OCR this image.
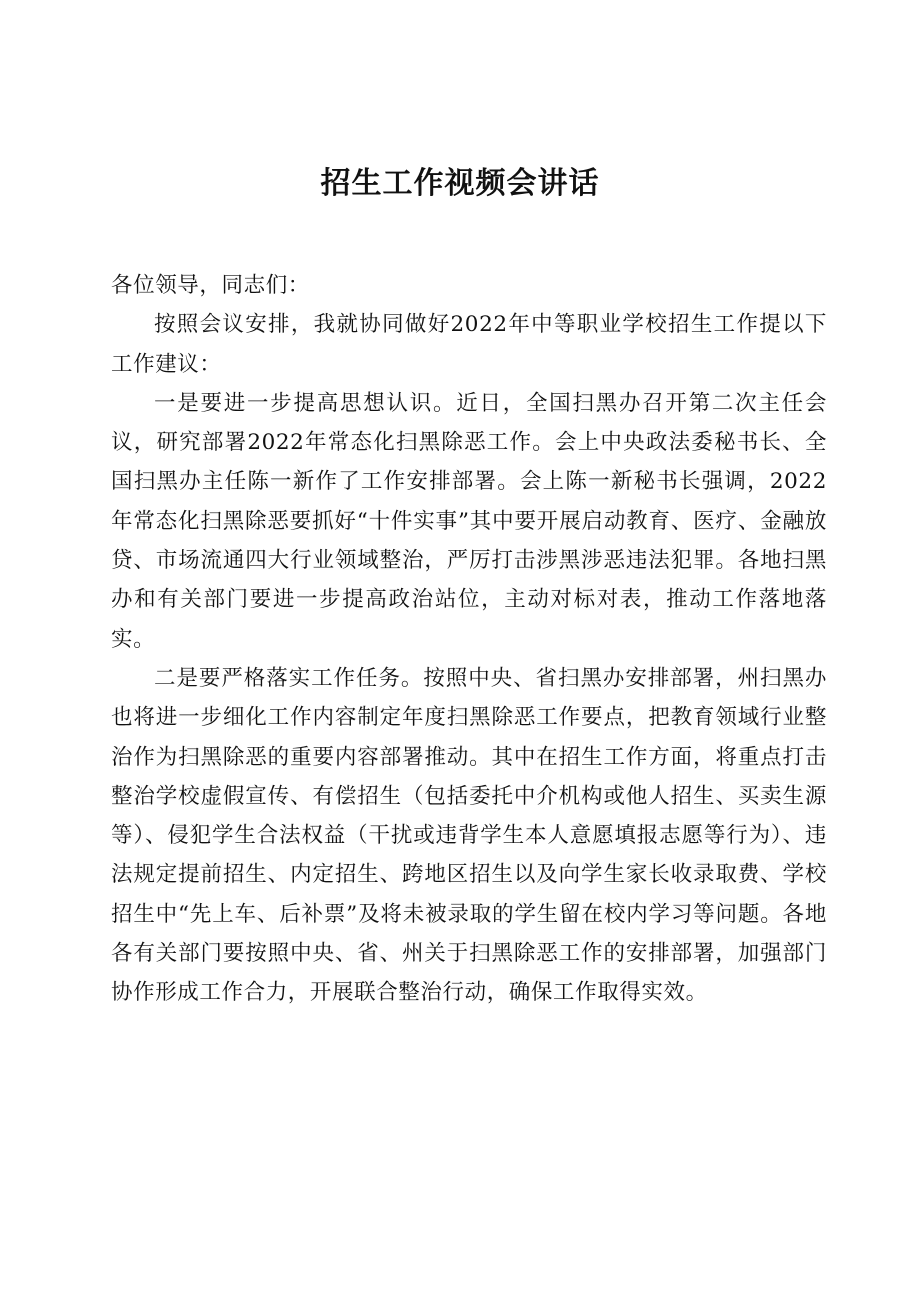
招生工作视频会讲话

各位领导，同志们：

按照会议安排，我就协同做好2022年中等职业学校招生工作提以下工作建议：

一是要进一步提高思想认识。近日，全国扫黑办召开第二次主任会议，研究部署2022年常态化扫黑除恶工作。会上中央政法委秘书长、全国扫黑办主任陈一新作了工作安排部署。会上陈一新秘书长强调，2022年常态化扫黑除恶要抓好“十件实事”其中要开展启动教育、医疗、金融放贷、市场流通四大行业领域整治，严厉打击涉黑涉恶违法犯罪。各地扫黑办和有关部门要进一步提高政治站位，主动对标对表，推动工作落地落实。

二是要严格落实工作任务。按照中央、省扫黑办安排部署，州扫黑办也将进一步细化工作内容制定年度扫黑除恶工作要点，把教育领域行业整治作为扫黑除恶的重要内容部署推动。其中在招生工作方面，将重点打击整治学校虚假宣传、有偿招生（包括委托中介机构或他人招生、买卖生源等）、侵犯学生合法权益（干扰或违背学生本人意愿填报志愿等行为）、违法规定提前招生、内定招生、跨地区招生以及向学生家长收录取费、学校招生中“先上车、后补票”及将未被录取的学生留在校内学习等问题。各地各有关部门要按照中央、省、州关于扫黑除恶工作的安排部署，加强部门协作形成工作合力，开展联合整治行动，确保工作取得实效。
